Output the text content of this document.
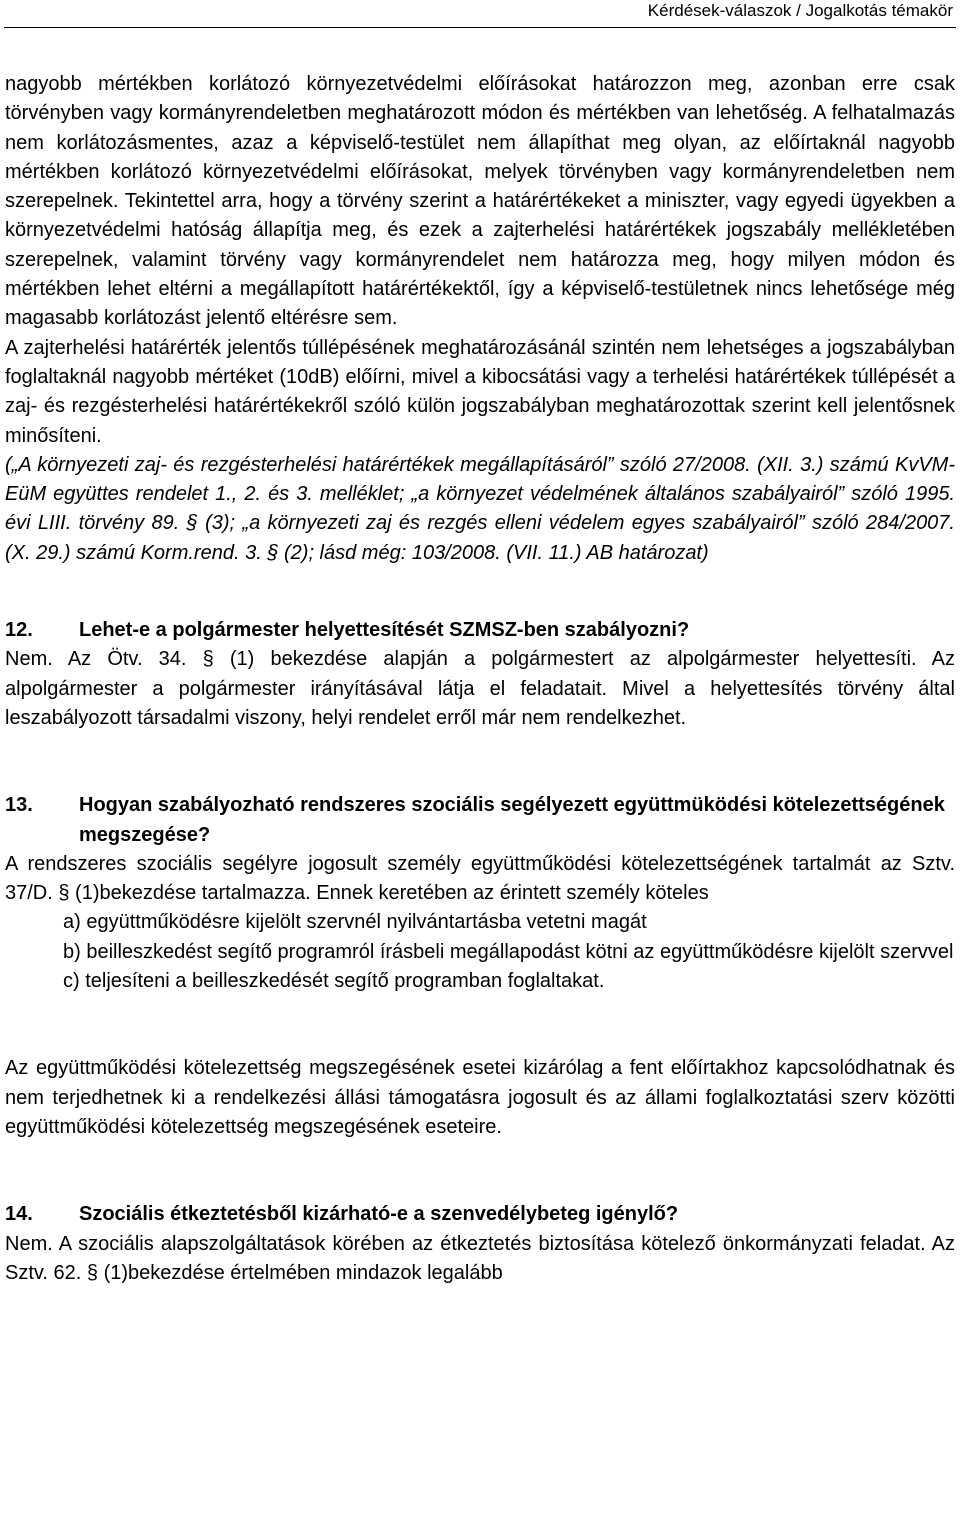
Kérdések-válaszok / Jogalkotás témakör

nagyobb mértékben korlátozó környezetvédelmi előírásokat határozzon meg, azonban erre csak törvényben vagy kormányrendeletben meghatározott módon és mértékben van lehetőség. A felhatalmazás nem korlátozásmentes, azaz a képviselő-testület nem állapíthat meg olyan, az előírtaknál nagyobb mértékben korlátozó környezetvédelmi előírásokat, melyek törvényben vagy kormányrendeletben nem szerepelnek. Tekintettel arra, hogy a törvény szerint a határértékeket a miniszter, vagy egyedi ügyekben a környezetvédelmi hatóság állapítja meg, és ezek a zajterhelési határértékek jogszabály mellékletében szerepelnek, valamint törvény vagy kormányrendelet nem határozza meg, hogy milyen módon és mértékben lehet eltérni a megállapított határértékektől, így a képviselő-testületnek nincs lehetősége még magasabb korlátozást jelentő eltérésre sem.

A zajterhelési határérték jelentős túllépésének meghatározásánál szintén nem lehetséges a jogszabályban foglaltaknál nagyobb mértéket (10dB) előírni, mivel a kibocsátási vagy a terhelési határértékek túllépését a zaj- és rezgésterhelési határértékekről szóló külön jogszabályban meghatározottak szerint kell jelentősnek minősíteni.

(„A környezeti zaj- és rezgésterhelési határértékek megállapításáról” szóló 27/2008. (XII. 3.) számú KvVM-EüM együttes rendelet 1., 2. és 3. melléklet; „a környezet védelmének általános szabályairól” szóló 1995. évi LIII. törvény 89. § (3); „a környezeti zaj és rezgés elleni védelem egyes szabályairól” szóló 284/2007. (X. 29.) számú Korm.rend. 3. § (2); lásd még: 103/2008. (VII. 11.) AB határozat)

12.	Lehet-e a polgármester helyettesítését SZMSZ-ben szabályozni?

Nem. Az Ötv. 34. § (1) bekezdése alapján a polgármestert az alpolgármester helyettesíti. Az alpolgármester a polgármester irányításával látja el feladatait. Mivel a helyettesítés törvény által leszabályozott társadalmi viszony, helyi rendelet erről már nem rendelkezhet.

13.	Hogyan szabályozható rendszeres szociális segélyezett együttmüködési kötelezettségének megszegése?

A rendszeres szociális segélyre jogosult személy együttműködési kötelezettségének tartalmát az Sztv. 37/D. § (1)bekezdése tartalmazza. Ennek keretében az érintett személy köteles

a) együttműködésre kijelölt szervnél nyilvántartásba vetetni magát

b) beilleszkedést segítő programról írásbeli megállapodást kötni az együttműködésre kijelölt szervvel

c) teljesíteni a beilleszkedését segítő programban foglaltakat.

Az együttműködési kötelezettség megszegésének esetei kizárólag a fent előírtakhoz kapcsolódhatnak és nem terjedhetnek ki a rendelkezési állási támogatásra jogosult és az állami foglalkoztatási szerv közötti együttműködési kötelezettség megszegésének eseteire.

14.	Szociális étkeztetésből kizárható-e a szenvedélybeteg igénylő?

Nem. A szociális alapszolgáltatások körében az étkeztetés biztosítása kötelező önkormányzati feladat. Az Sztv. 62. § (1)bekezdése értelmében mindazok legalább
